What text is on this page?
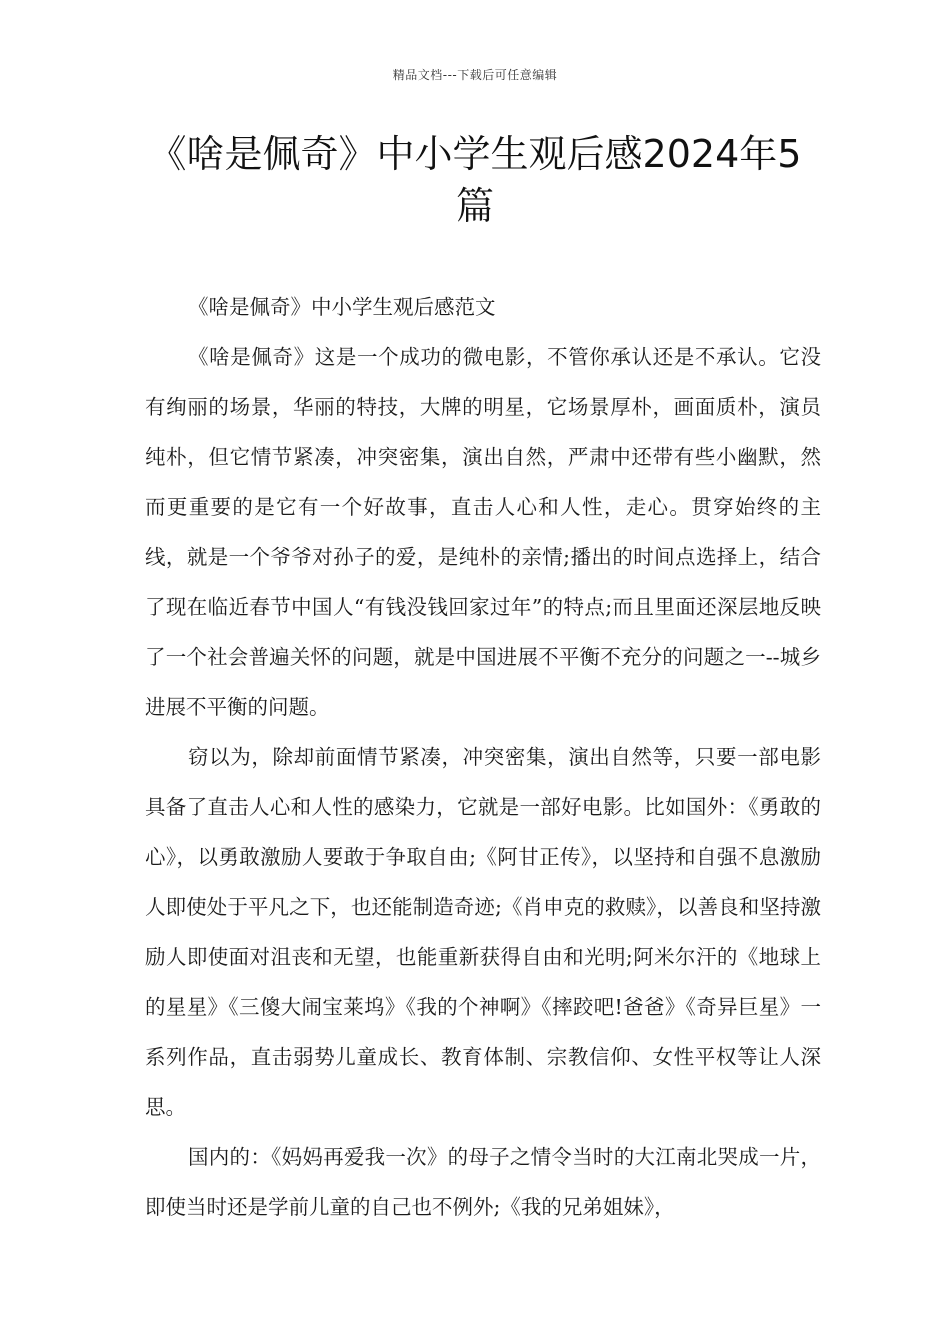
精品文档---下载后可任意编辑
《啥是佩奇》中小学生观后感2024年5篇

《啥是佩奇》中小学生观后感范文

《啥是佩奇》这是一个成功的微电影，不管你承认还是不承认。它没有绚丽的场景，华丽的特技，大牌的明星，它场景厚朴，画面质朴，演员纯朴，但它情节紧凑，冲突密集，演出自然，严肃中还带有些小幽默，然而更重要的是它有一个好故事，直击人心和人性，走心。贯穿始终的主线，就是一个爷爷对孙子的爱，是纯朴的亲情;播出的时间点选择上，结合了现在临近春节中国人“有钱没钱回家过年”的特点;而且里面还深层地反映了一个社会普遍关怀的问题，就是中国进展不平衡不充分的问题之一--城乡进展不平衡的问题。

窃以为，除却前面情节紧凑，冲突密集，演出自然等，只要一部电影具备了直击人心和人性的感染力，它就是一部好电影。比如国外：《勇敢的心》，以勇敢激励人要敢于争取自由;《阿甘正传》，以坚持和自强不息激励人即使处于平凡之下，也还能制造奇迹;《肖申克的救赎》，以善良和坚持激励人即使面对沮丧和无望，也能重新获得自由和光明;阿米尔汗的《地球上的星星》《三傻大闹宝莱坞》《我的个神啊》《摔跤吧!爸爸》《奇异巨星》一系列作品，直击弱势儿童成长、教育体制、宗教信仰、女性平权等让人深思。

国内的：《妈妈再爱我一次》的母子之情令当时的大江南北哭成一片，即使当时还是学前儿童的自己也不例外;《我的兄弟姐妹》，
